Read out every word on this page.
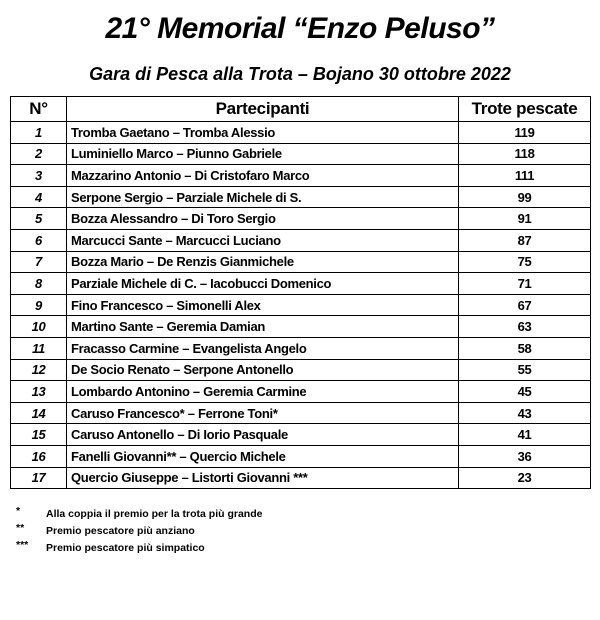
21° Memorial “Enzo Peluso”
Gara di Pesca alla Trota – Bojano 30 ottobre 2022
N°	Partecipanti	Trote pescate
1	Tromba Gaetano – Tromba Alessio	119
2	Luminiello Marco – Piunno Gabriele	118
3	Mazzarino Antonio – Di Cristofaro Marco	111
4	Serpone Sergio – Parziale Michele di S.	99
5	Bozza Alessandro – Di Toro Sergio	91
6	Marcucci Sante – Marcucci Luciano	87
7	Bozza Mario – De Renzis Gianmichele	75
8	Parziale Michele di C. – Iacobucci Domenico	71
9	Fino Francesco – Simonelli Alex	67
10	Martino Sante – Geremia Damian	63
11	Fracasso Carmine – Evangelista Angelo	58
12	De Socio Renato – Serpone Antonello	55
13	Lombardo Antonino – Geremia Carmine	45
14	Caruso Francesco* – Ferrone Toni*	43
15	Caruso Antonello – Di Iorio Pasquale	41
16	Fanelli Giovanni** – Quercio Michele	36
17	Quercio Giuseppe – Listorti Giovanni ***	23
* Alla coppia il premio per la trota più grande
** Premio pescatore più anziano
*** Premio pescatore più simpatico
